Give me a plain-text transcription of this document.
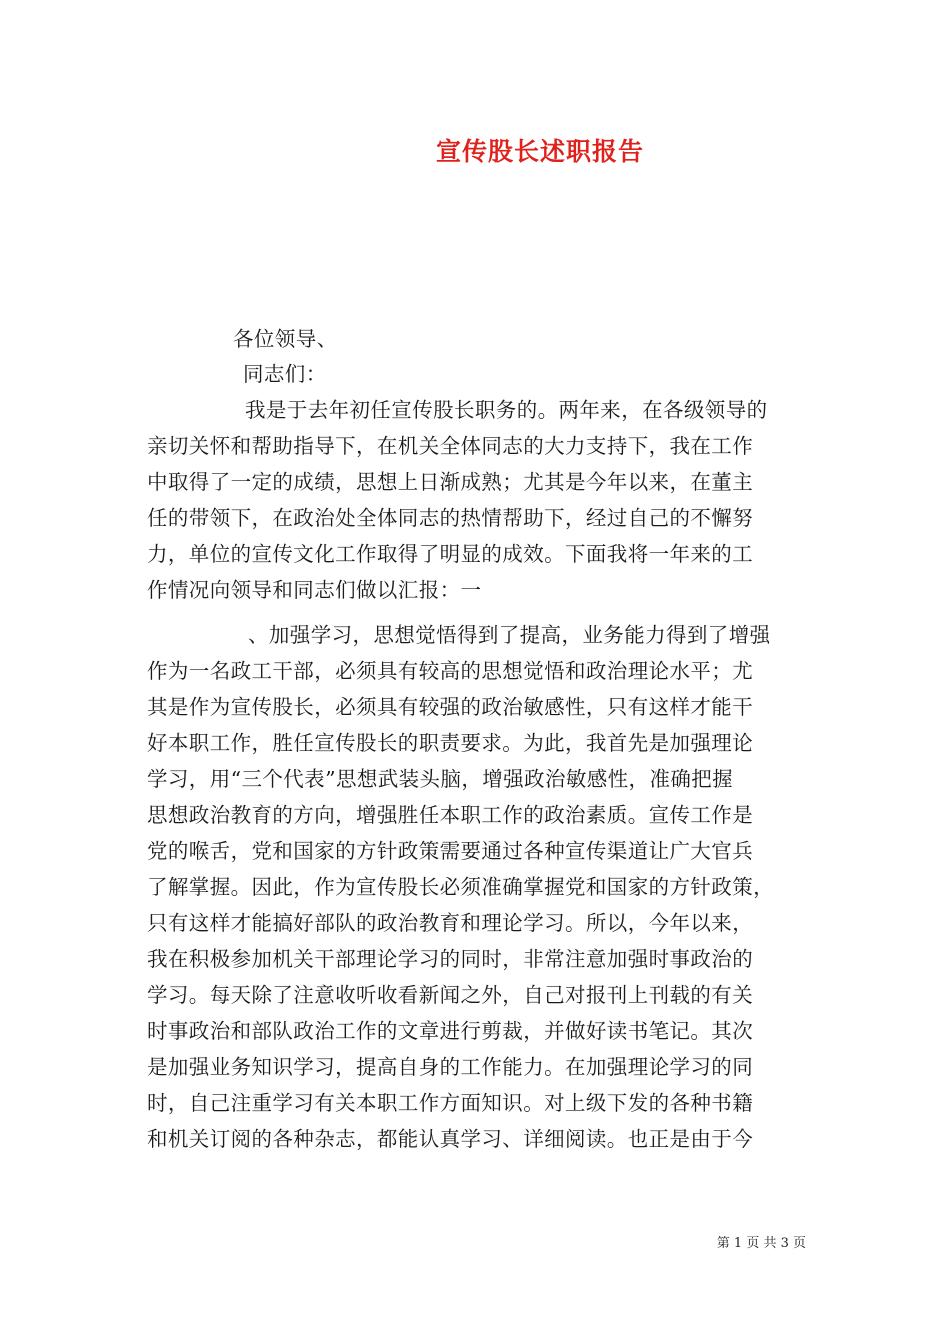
宣传股长述职报告
各位领导、
同志们：
我是于去年初任宣传股长职务的。两年来，在各级领导的
亲切关怀和帮助指导下，在机关全体同志的大力支持下，我在工作
中取得了一定的成绩，思想上日渐成熟；尤其是今年以来，在董主
任的带领下，在政治处全体同志的热情帮助下，经过自己的不懈努
力，单位的宣传文化工作取得了明显的成效。下面我将一年来的工
作情况向领导和同志们做以汇报：一
、加强学习，思想觉悟得到了提高，业务能力得到了增强
作为一名政工干部，必须具有较高的思想觉悟和政治理论水平；尤
其是作为宣传股长，必须具有较强的政治敏感性，只有这样才能干
好本职工作，胜任宣传股长的职责要求。为此，我首先是加强理论
学习，用“三个代表”思想武装头脑，增强政治敏感性，准确把握
思想政治教育的方向，增强胜任本职工作的政治素质。宣传工作是
党的喉舌，党和国家的方针政策需要通过各种宣传渠道让广大官兵
了解掌握。因此，作为宣传股长必须准确掌握党和国家的方针政策，
只有这样才能搞好部队的政治教育和理论学习。所以，今年以来，
我在积极参加机关干部理论学习的同时，非常注意加强时事政治的
学习。每天除了注意收听收看新闻之外，自己对报刊上刊载的有关
时事政治和部队政治工作的文章进行剪裁，并做好读书笔记。其次
是加强业务知识学习，提高自身的工作能力。在加强理论学习的同
时，自己注重学习有关本职工作方面知识。对上级下发的各种书籍
和机关订阅的各种杂志，都能认真学习、详细阅读。也正是由于今
第 1 页 共 3 页
